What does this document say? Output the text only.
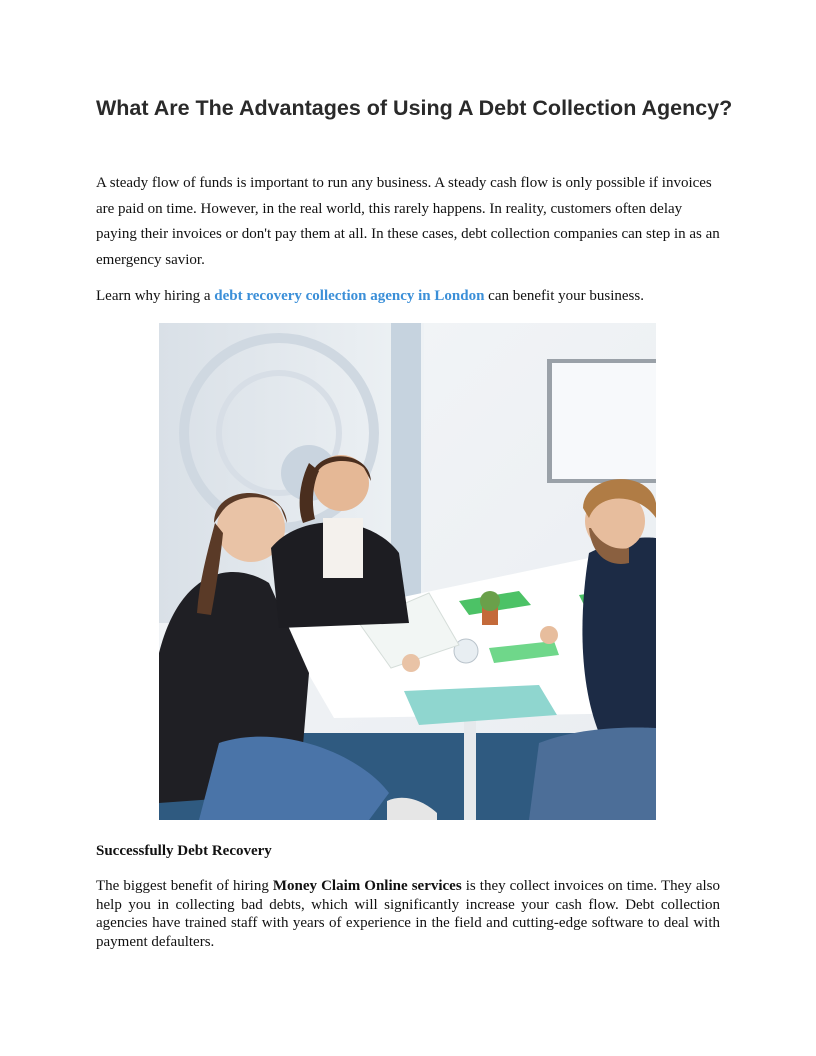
What Are The Advantages of Using A Debt Collection Agency?

A steady flow of funds is important to run any business. A steady cash flow is only possible if invoices are paid on time. However, in the real world, this rarely happens. In reality, customers often delay paying their invoices or don't pay them at all. In these cases, debt collection companies can step in as an emergency savior.

Learn why hiring a debt recovery collection agency in London can benefit your business.

Successfully Debt Recovery

The biggest benefit of hiring Money Claim Online services is they collect invoices on time. They also help you in collecting bad debts, which will significantly increase your cash flow. Debt collection agencies have trained staff with years of experience in the field and cutting-edge software to deal with payment defaulters.
